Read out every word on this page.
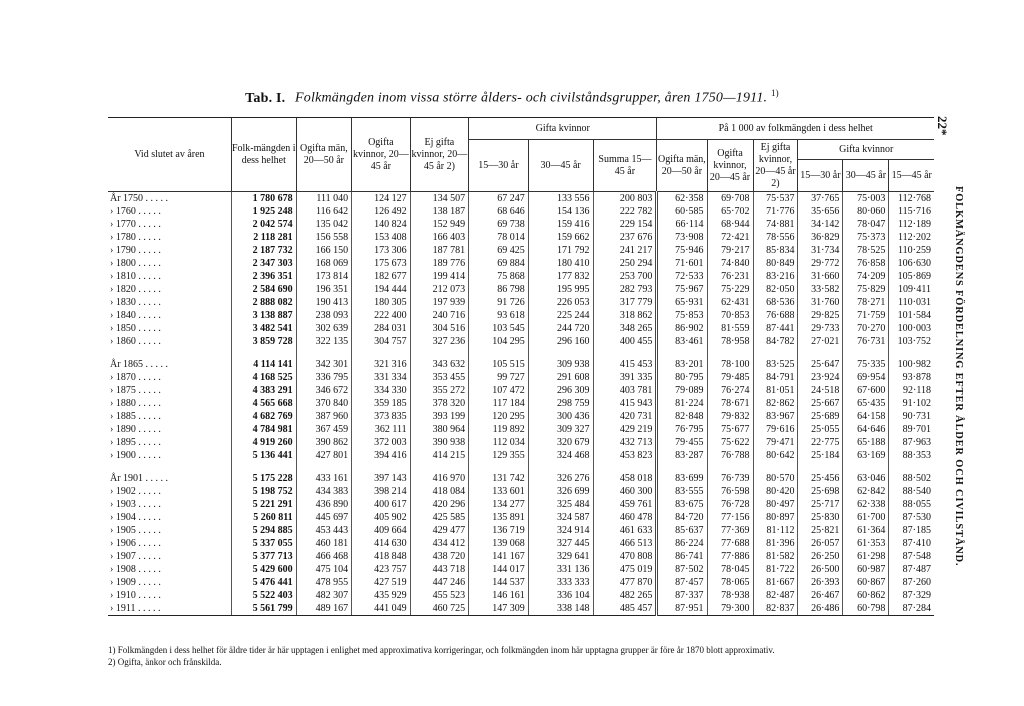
Tab. I. Folkmängden inom vissa större ålders- och civilståndsgrupper, åren 1750—1911. $^{1)}$
22*
FOLKMÄNGDENS FÖRDELNING EFTER ÅLDER OCH CIVILSTÅND.
Vid slutet av åren	Folk-mängden i dess helhet	Ogifta män, 20—50 år	Ogifta kvinnor, 20—45 år	Ej gifta kvinnor, 20—45 år 2)	Gifta kvinnor			På 1 000 av folkmängden i dess helhet					
					15—30 år	30—45 år	Summa 15—45 år	Ogifta män, 20—50 år	Ogifta kvinnor, 20—45 år	Ej gifta kvinnor, 20—45 år 2)	Gifta kvinnor		
											15—30 år	30—45 år	15—45 år
År 1750 . . . . .	1 780 678	111 040	124 127	134 507	67 247	133 556	200 803	62·358	69·708	75·537	37·765	75·003	112·768
› 1760 . . . . .	1 925 248	116 642	126 492	138 187	68 646	154 136	222 782	60·585	65·702	71·776	35·656	80·060	115·716
› 1770 . . . . .	2 042 574	135 042	140 824	152 949	69 738	159 416	229 154	66·114	68·944	74·881	34·142	78·047	112·189
› 1780 . . . . .	2 118 281	156 558	153 408	166 403	78 014	159 662	237 676	73·908	72·421	78·556	36·829	75·373	112·202
› 1790 . . . . .	2 187 732	166 150	173 306	187 781	69 425	171 792	241 217	75·946	79·217	85·834	31·734	78·525	110·259
› 1800 . . . . .	2 347 303	168 069	175 673	189 776	69 884	180 410	250 294	71·601	74·840	80·849	29·772	76·858	106·630
› 1810 . . . . .	2 396 351	173 814	182 677	199 414	75 868	177 832	253 700	72·533	76·231	83·216	31·660	74·209	105·869
› 1820 . . . . .	2 584 690	196 351	194 444	212 073	86 798	195 995	282 793	75·967	75·229	82·050	33·582	75·829	109·411
› 1830 . . . . .	2 888 082	190 413	180 305	197 939	91 726	226 053	317 779	65·931	62·431	68·536	31·760	78·271	110·031
› 1840 . . . . .	3 138 887	238 093	222 400	240 716	93 618	225 244	318 862	75·853	70·853	76·688	29·825	71·759	101·584
› 1850 . . . . .	3 482 541	302 639	284 031	304 516	103 545	244 720	348 265	86·902	81·559	87·441	29·733	70·270	100·003
› 1860 . . . . .	3 859 728	322 135	304 757	327 236	104 295	296 160	400 455	83·461	78·958	84·782	27·021	76·731	103·752

År 1865 . . . . .	4 114 141	342 301	321 316	343 632	105 515	309 938	415 453	83·201	78·100	83·525	25·647	75·335	100·982
› 1870 . . . . .	4 168 525	336 795	331 334	353 455	99 727	291 608	391 335	80·795	79·485	84·791	23·924	69·954	93·878
› 1875 . . . . .	4 383 291	346 672	334 330	355 272	107 472	296 309	403 781	79·089	76·274	81·051	24·518	67·600	92·118
› 1880 . . . . .	4 565 668	370 840	359 185	378 320	117 184	298 759	415 943	81·224	78·671	82·862	25·667	65·435	91·102
› 1885 . . . . .	4 682 769	387 960	373 835	393 199	120 295	300 436	420 731	82·848	79·832	83·967	25·689	64·158	90·731
› 1890 . . . . .	4 784 981	367 459	362 111	380 964	119 892	309 327	429 219	76·795	75·677	79·616	25·055	64·646	89·701
› 1895 . . . . .	4 919 260	390 862	372 003	390 938	112 034	320 679	432 713	79·455	75·622	79·471	22·775	65·188	87·963
› 1900 . . . . .	5 136 441	427 801	394 416	414 215	129 355	324 468	453 823	83·287	76·788	80·642	25·184	63·169	88·353

År 1901 . . . . .	5 175 228	433 161	397 143	416 970	131 742	326 276	458 018	83·699	76·739	80·570	25·456	63·046	88·502
› 1902 . . . . .	5 198 752	434 383	398 214	418 084	133 601	326 699	460 300	83·555	76·598	80·420	25·698	62·842	88·540
› 1903 . . . . .	5 221 291	436 890	400 617	420 296	134 277	325 484	459 761	83·675	76·728	80·497	25·717	62·338	88·055
› 1904 . . . . .	5 260 811	445 697	405 902	425 585	135 891	324 587	460 478	84·720	77·156	80·897	25·830	61·700	87·530
› 1905 . . . . .	5 294 885	453 443	409 664	429 477	136 719	324 914	461 633	85·637	77·369	81·112	25·821	61·364	87·185
› 1906 . . . . .	5 337 055	460 181	414 630	434 412	139 068	327 445	466 513	86·224	77·688	81·396	26·057	61·353	87·410
› 1907 . . . . .	5 377 713	466 468	418 848	438 720	141 167	329 641	470 808	86·741	77·886	81·582	26·250	61·298	87·548
› 1908 . . . . .	5 429 600	475 104	423 757	443 718	144 017	331 136	475 019	87·502	78·045	81·722	26·500	60·987	87·487
› 1909 . . . . .	5 476 441	478 955	427 519	447 246	144 537	333 333	477 870	87·457	78·065	81·667	26·393	60·867	87·260
› 1910 . . . . .	5 522 403	482 307	435 929	455 523	146 161	336 104	482 265	87·337	78·938	82·487	26·467	60·862	87·329
› 1911 . . . . .	5 561 799	489 167	441 049	460 725	147 309	338 148	485 457	87·951	79·300	82·837	26·486	60·798	87·284
1) Folkmängden i dess helhet för äldre tider är här upptagen i enlighet med approximativa korrigeringar, och folkmängden inom här upptagna grupper är före år 1870 blott approximativ.
2) Ogifta, änkor och frånskilda.
